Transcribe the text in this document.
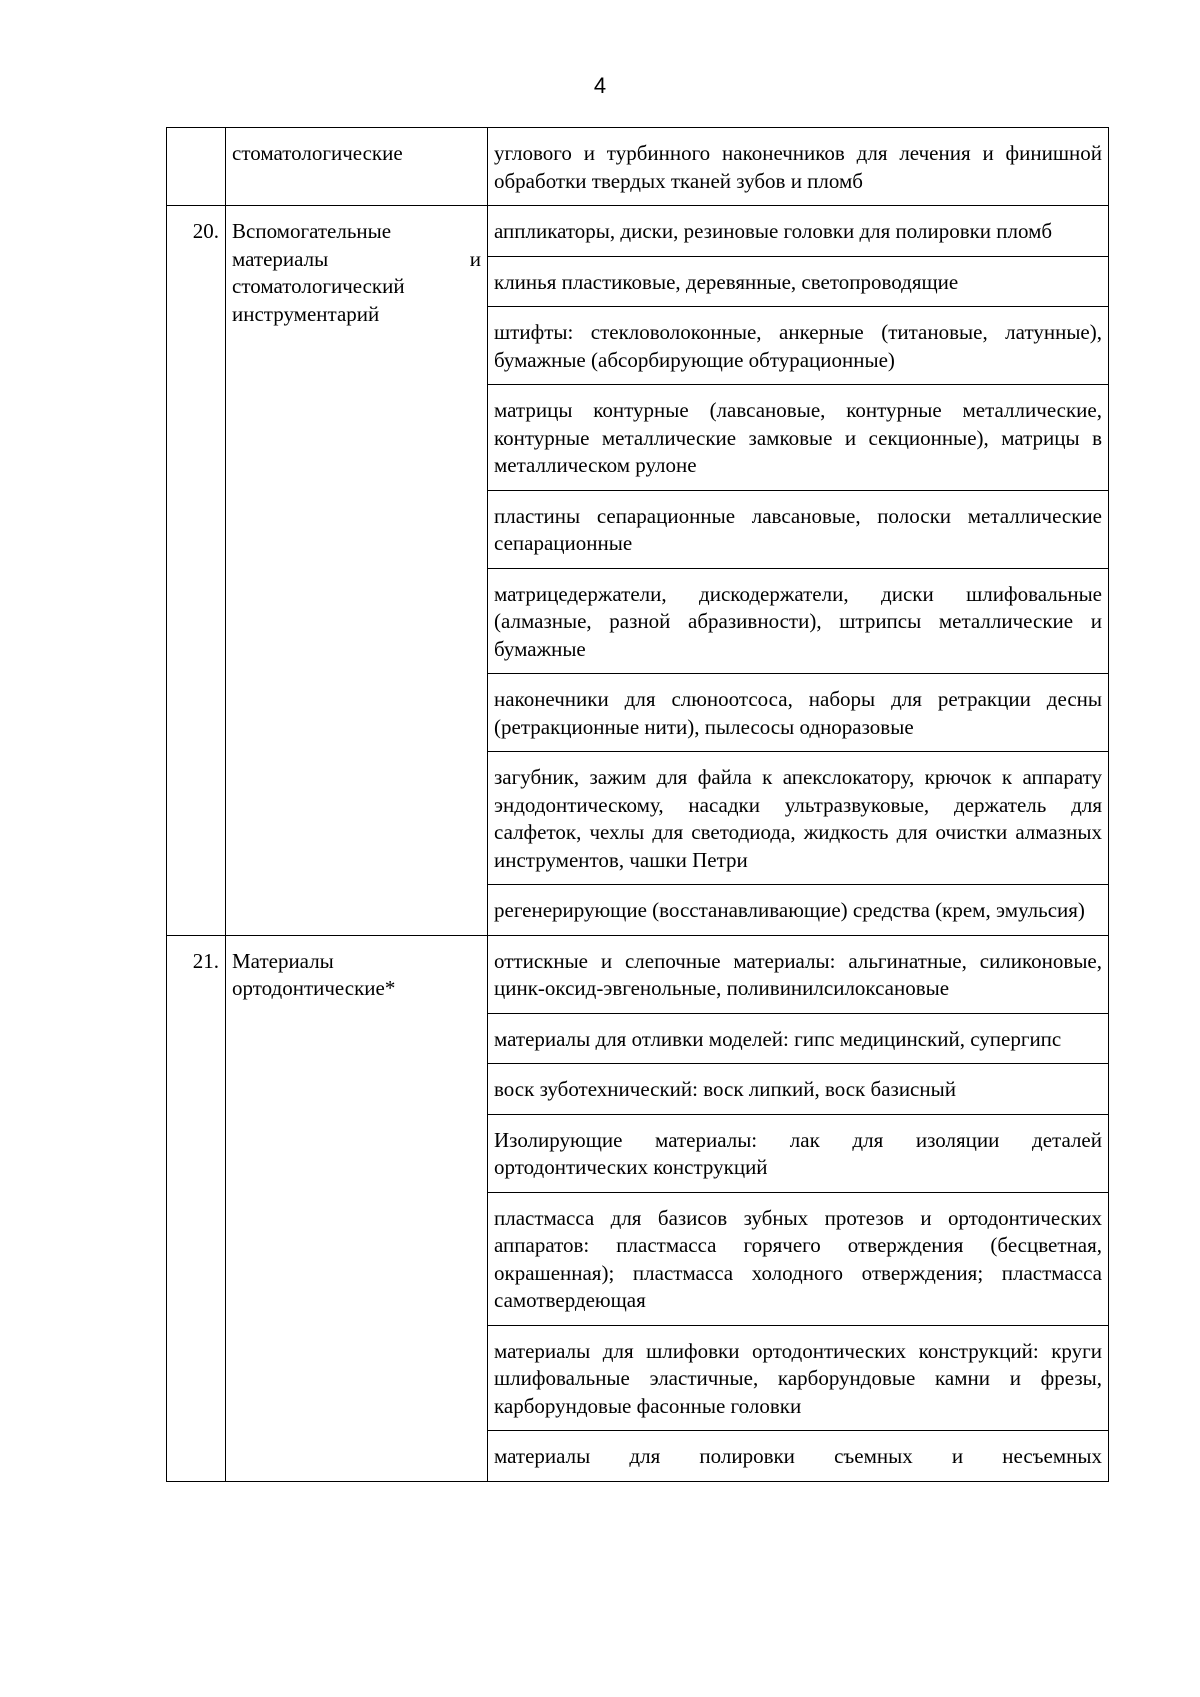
4

	стоматологические	углового и турбинного наконечников для лечения и финишной обработки твердых тканей зубов и пломб
20.	Вспомогательные
материалы и
стоматологический
инструментарий	аппликаторы, диски, резиновые головки для полировки пломб
		клинья пластиковые, деревянные, светопроводящие
		штифты: стекловолоконные, анкерные (титановые, латунные), бумажные (абсорбирующие обтурационные)
		матрицы контурные (лавсановые, контурные металлические, контурные металлические замковые и секционные), матрицы в металлическом рулоне
		пластины сепарационные лавсановые, полоски металлические сепарационные
		матрицедержатели, дискодержатели, диски шлифовальные (алмазные, разной абразивности), штрипсы металлические и бумажные
		наконечники для слюноотсоса, наборы для ретракции десны (ретракционные нити), пылесосы одноразовые
		загубник, зажим для файла к апекслокатору, крючок к аппарату эндодонтическому, насадки ультразвуковые, держатель для салфеток, чехлы для светодиода, жидкость для очистки алмазных инструментов, чашки Петри
		регенерирующие (восстанавливающие) средства (крем, эмульсия)
21.	Материалы
ортодонтические*	оттискные и слепочные материалы: альгинатные, силиконовые, цинк-оксид-эвгенольные, поливинилсилоксановые
		материалы для отливки моделей: гипс медицинский, супергипс
		воск зуботехнический: воск липкий, воск базисный
		Изолирующие материалы: лак для изоляции деталей ортодонтических конструкций
		пластмасса для базисов зубных протезов и ортодонтических аппаратов: пластмасса горячего отверждения (бесцветная, окрашенная); пластмасса холодного отверждения; пластмасса самотвердеющая
		материалы для шлифовки ортодонтических конструкций: круги шлифовальные эластичные, карборундовые камни и фрезы, карборундовые фасонные головки
		материалы для полировки съемных и несъемных
